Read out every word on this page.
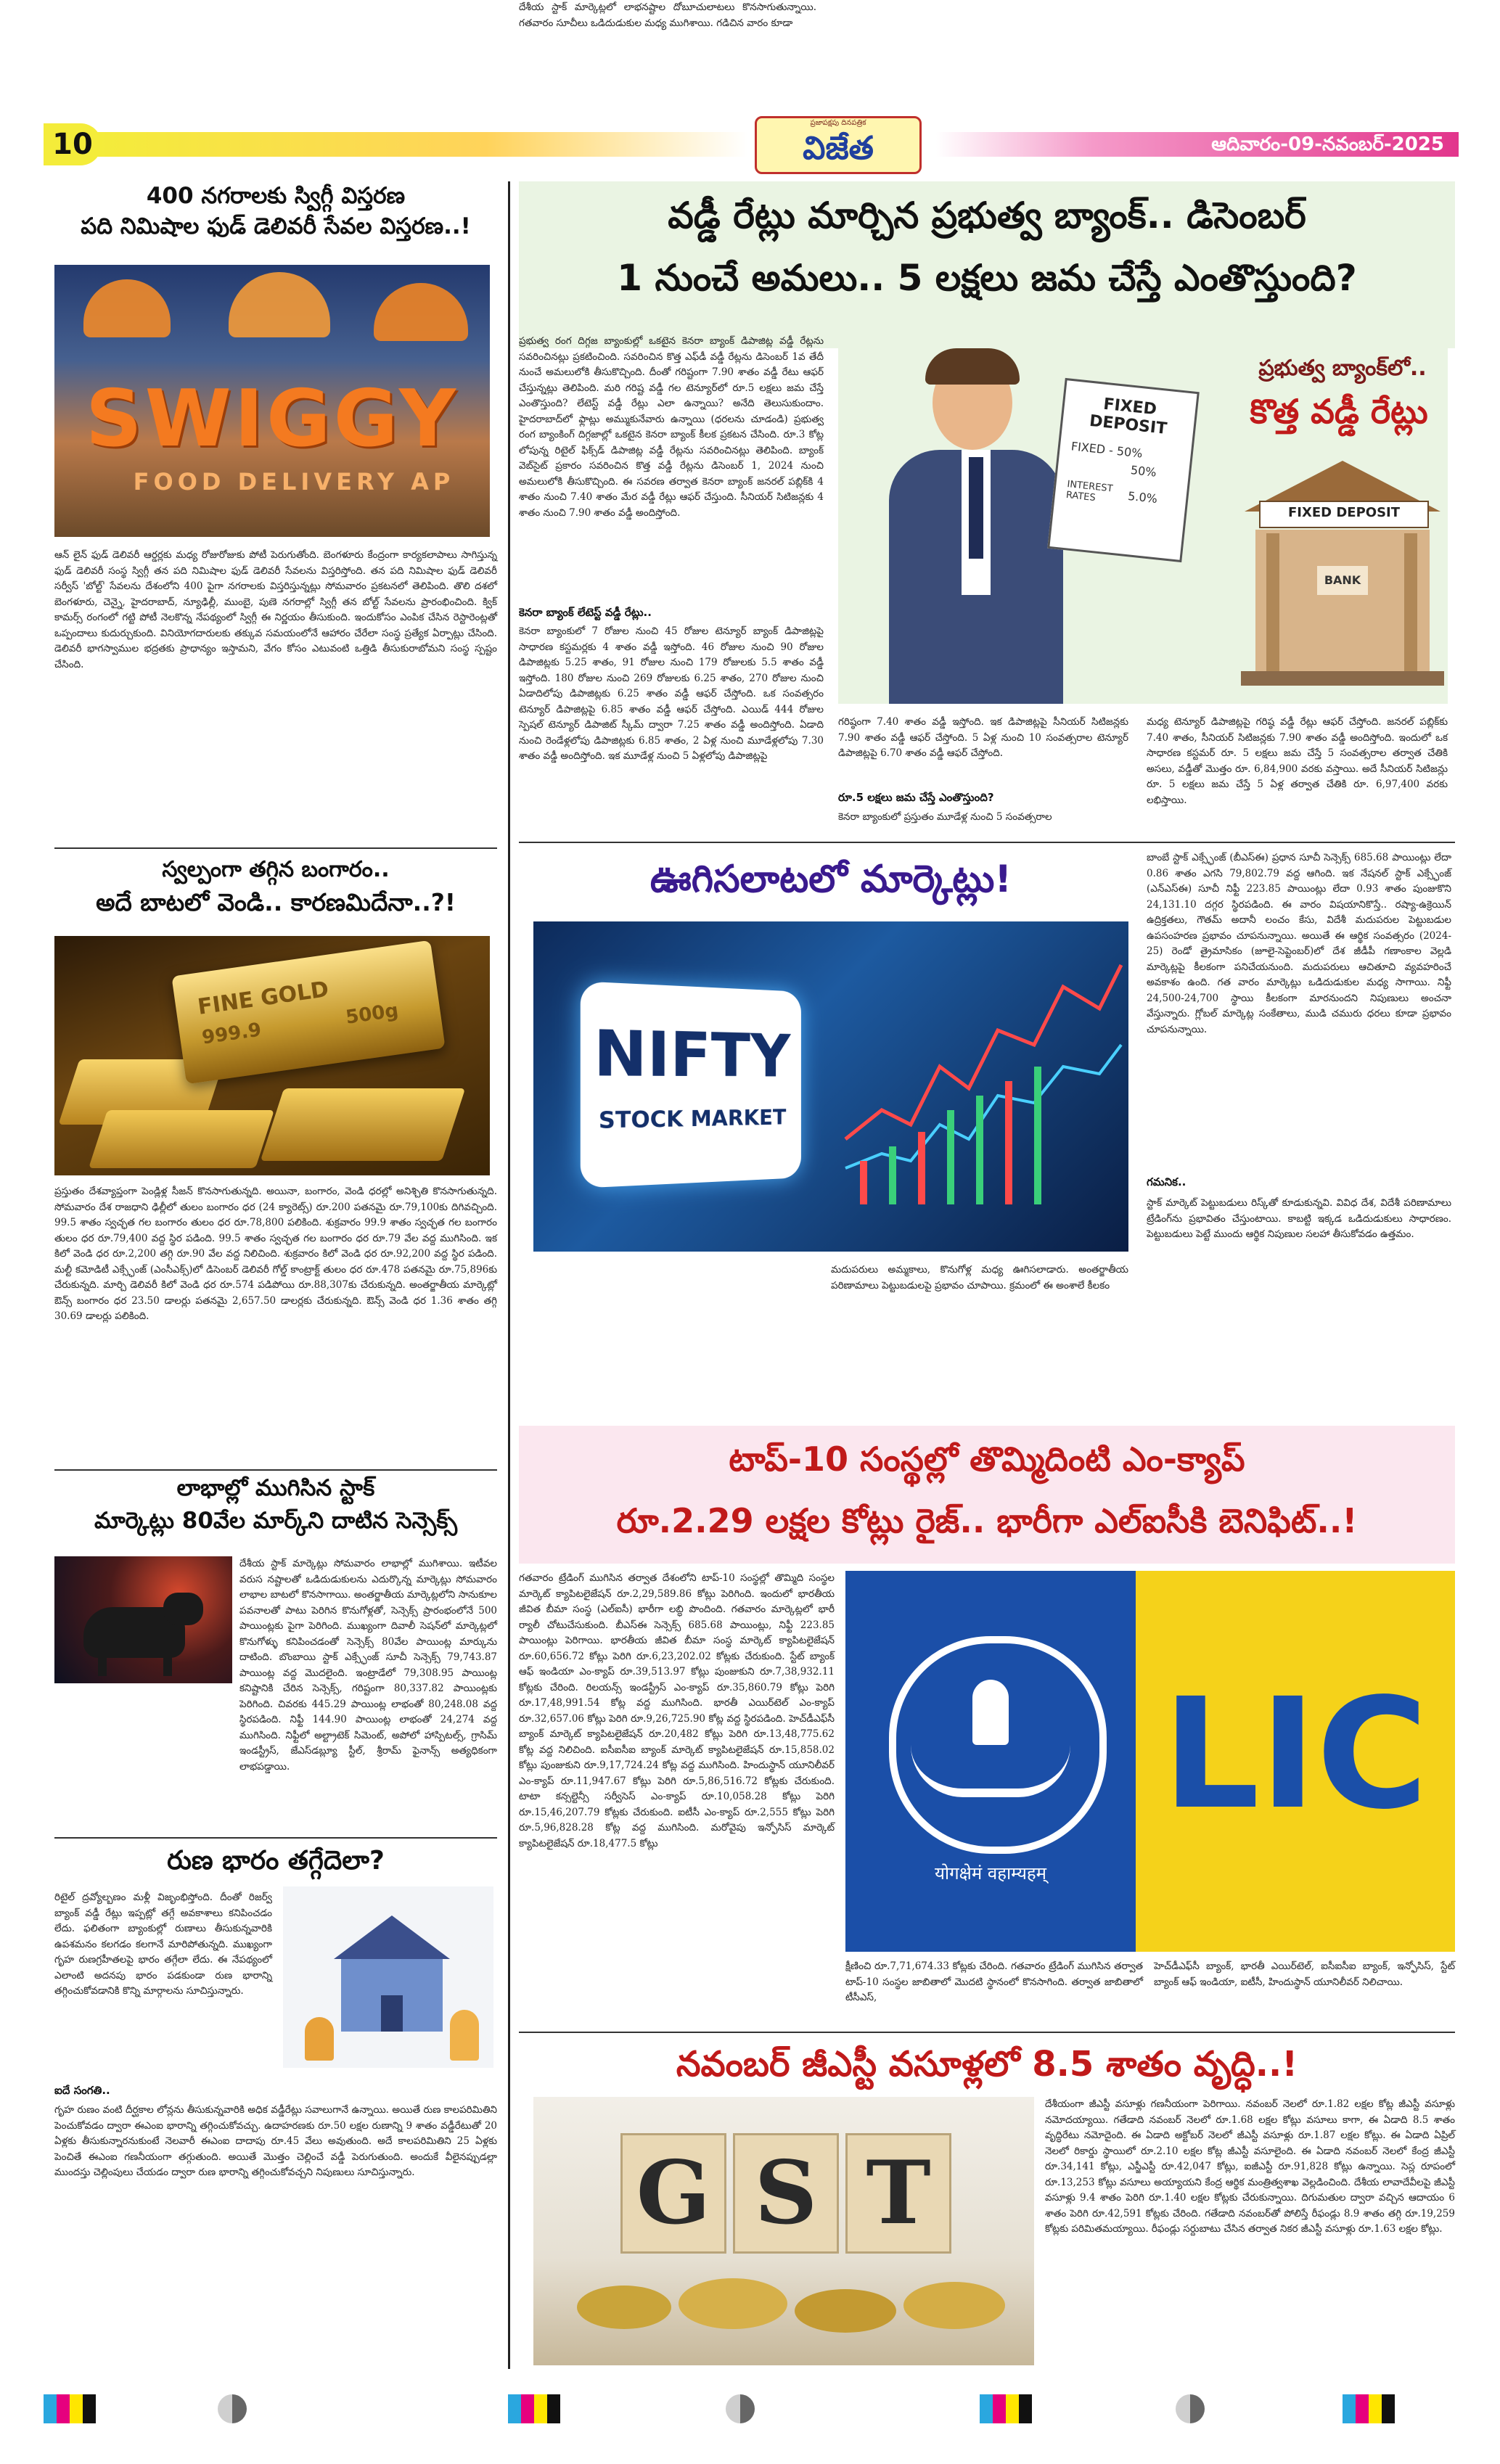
10
ప్రజాపక్షపు దినపత్రిక
విజేత	ఆదివారం-09-నవంబర్-2025
400 నగరాలకు స్విగ్గీ విస్తరణ
పది నిమిషాల ఫుడ్ డెలివరీ సేవల విస్తరణ..!
SWIGGY
FOOD DELIVERY AP
ఆన్ లైన్ ఫుడ్ డెలివరీ ఆర్డర్లకు మధ్య రోజురోజుకు పోటీ పెరుగుతోంది. బెంగళూరు కేంద్రంగా కార్యకలాపాలు సాగిస్తున్న ఫుడ్ డెలివరీ సంస్థ స్విగ్గీ తన పది నిమిషాల ఫుడ్ డెలివరీ సేవలను విస్తరిస్తోంది. తన పది నిమిషాల ఫుడ్ డెలివరీ సర్వీస్ 'బోల్ట్' సేవలను దేశంలోని 400 పైగా నగరాలకు విస్తరిస్తున్నట్లు సోమవారం ప్రకటనలో తెలిపింది. తొలి దశలో బెంగళూరు, చెన్నై, హైదరాబాద్, న్యూఢిల్లీ, ముంబై, పుణె నగరాల్లో స్విగ్గీ తన బోల్ట్ సేవలను ప్రారంభించింది. క్విక్ కామర్స్ రంగంలో గట్టి పోటీ నెలకొన్న నేపథ్యంలో స్విగ్గీ ఈ నిర్ణయం తీసుకుంది. ఇందుకోసం ఎంపిక చేసిన రెస్టారెంట్లతో ఒప్పందాలు కుదుర్చుకుంది. వినియోగదారులకు తక్కువ సమయంలోనే ఆహారం చేరేలా సంస్థ ప్రత్యేక ఏర్పాట్లు చేసింది. డెలివరీ భాగస్వాముల భద్రతకు ప్రాధాన్యం ఇస్తామని, వేగం కోసం ఎటువంటి ఒత్తిడి తీసుకురాబోమని సంస్థ స్పష్టం చేసింది.
స్వల్పంగా తగ్గిన బంగారం..
అదే బాటలో వెండి.. కారణమిదేనా..?!
FINE GOLD
999.9
500g
ప్రస్తుతం దేశవ్యాప్తంగా పెండ్లిళ్ల సీజన్ కొనసాగుతున్నది. అయినా, బంగారం, వెండి ధరల్లో అనిశ్చితి కొనసాగుతున్నది. సోమవారం దేశ రాజధాని ఢిల్లీలో తులం బంగారం ధర (24 క్యారెట్స్) రూ.200 పతనమై రూ.79,100కు దిగివచ్చింది. 99.5 శాతం స్వచ్ఛత గల బంగారం తులం ధర రూ.78,800 పలికింది. శుక్రవారం 99.9 శాతం స్వచ్ఛత గల బంగారం తులం ధర రూ.79,400 వద్ద స్థిర పడింది. 99.5 శాతం స్వచ్ఛత గల బంగారం ధర రూ.79 వేల వద్ద ముగిసింది. ఇక కిలో వెండి ధర రూ.2,200 తగ్గి రూ.90 వేల వద్ద నిలిచింది. శుక్రవారం కిలో వెండి ధర రూ.92,200 వద్ద స్థిర పడింది. మల్టీ కమోడిటీ ఎక్స్ఛేంజ్ (ఎంసీఎక్స్)లో డిసెంబర్ డెలివరీ గోల్డ్ కాంట్రాక్ట్ తులం ధర రూ.478 పతనమై రూ.75,896కు చేరుకున్నది. మార్చి డెలివరీ కిలో వెండి ధర రూ.574 పడిపోయి రూ.88,307కు చేరుకున్నది. అంతర్జాతీయ మార్కెట్లో ఔన్స్ బంగారం ధర 23.50 డాలర్లు పతనమై 2,657.50 డాలర్లకు చేరుకున్నది. ఔన్స్ వెండి ధర 1.36 శాతం తగ్గి 30.69 డాలర్లు పలికింది.
లాభాల్లో ముగిసిన స్టాక్
మార్కెట్లు 80వేల మార్క్‌ని దాటిన సెన్సెక్స్
దేశీయ స్టాక్ మార్కెట్లు సోమవారం లాభాల్లో ముగిశాయి. ఇటీవల వరుస నష్టాలతో ఒడిదుడుకులను ఎదుర్కొన్న మార్కెట్లు సోమవారం లాభాల బాటలో కొనసాగాయి. అంతర్జాతీయ మార్కెట్లలోని సానుకూల పవనాలతో పాటు పెరిగిన కొనుగోళ్లతో, సెన్సెక్స్ ప్రారంభంలోనే 500 పాయింట్లకు పైగా పెరిగింది. ముఖ్యంగా దివాలీ సెషన్‌లో మార్కెట్లలో కొనుగోళ్ళు కనిపించడంతో సెన్సెక్స్ 80వేల పాయింట్ల మార్కును దాటింది. బొంబాయి స్టాక్ ఎక్స్ఛేంజ్ సూచీ సెన్సెక్స్ 79,743.87 పాయింట్ల వద్ద మొదలైంది. ఇంట్రాడేలో 79,308.95 పాయింట్ల కనిష్టానికి చేరిన సెన్సెక్స్, గరిష్టంగా 80,337.82 పాయింట్లకు పెరిగింది. చివరకు 445.29 పాయింట్ల లాభంతో 80,248.08 వద్ద స్థిరపడింది. నిఫ్టీ 144.90 పాయింట్ల లాభంతో 24,274 వద్ద ముగిసింది. నిఫ్టీలో అల్ట్రాటెక్ సిమెంట్, అపోలో హాస్పిటల్స్, గ్రాసిమ్ ఇండస్ట్రీస్, జేఎస్‌డబ్ల్యూ స్టీల్, శ్రీరామ్ ఫైనాన్స్ అత్యధికంగా లాభపడ్డాయి.
రుణ భారం తగ్గేదెలా?
రిటైల్ ద్రవ్యోల్బణం మళ్లీ విజృంభిస్తోంది. దీంతో రిజర్వ్ బ్యాంక్ వడ్డీ రేట్లు ఇప్పట్లో తగ్గే అవకాశాలు కనిపించడం లేదు. ఫలితంగా బ్యాంకుల్లో రుణాలు తీసుకున్నవారికి ఉపశమనం కలగడం కలగానే మారిపోతున్నది. ముఖ్యంగా గృహ రుణగ్రహీతలపై భారం తగ్గేలా లేదు. ఈ నేపథ్యంలో ఎలాంటి అదనపు భారం పడకుండా రుణ భారాన్ని తగ్గించుకోవడానికి కొన్ని మార్గాలను సూచిస్తున్నారు.
ఐదే సంగతి..
గృహ రుణం వంటి దీర్ఘకాల లోన్లను తీసుకున్నవారికి అధిక వడ్డీరేట్లు సవాలుగానే ఉన్నాయి. అయితే రుణ కాలపరిమితిని పెంచుకోవడం ద్వారా ఈఎంఐ భారాన్ని తగ్గించుకోవచ్చు. ఉదాహరణకు రూ.50 లక్షల రుణాన్ని 9 శాతం వడ్డీరేటుతో 20 ఏళ్లకు తీసుకున్నారనుకుంటే నెలవారీ ఈఎంఐ దాదాపు రూ.45 వేలు అవుతుంది. అదే కాలపరిమితిని 25 ఏళ్లకు పెంచితే ఈఎంఐ గణనీయంగా తగ్గుతుంది. అయితే మొత్తం చెల్లించే వడ్డీ పెరుగుతుంది. అందుకే వీలైనప్పుడల్లా ముందస్తు చెల్లింపులు చేయడం ద్వారా రుణ భారాన్ని తగ్గించుకోవచ్చని నిపుణులు సూచిస్తున్నారు.
వడ్డీ రేట్లు మార్చిన ప్రభుత్వ బ్యాంక్.. డిసెంబర్
1 నుంచే అమలు.. 5 లక్షలు జమ చేస్తే ఎంతొస్తుంది?
ప్రభుత్వ రంగ దిగ్గజ బ్యాంకుల్లో ఒకటైన కెనరా బ్యాంక్ డిపాజిట్ల వడ్డీ రేట్లను సవరించినట్లు ప్రకటించింది. సవరించిన కొత్త ఎఫ్‌డీ వడ్డీ రేట్లను డిసెంబర్ 1వ తేదీ నుంచే అమలులోకి తీసుకొచ్చింది. దీంతో గరిష్టంగా 7.90 శాతం వడ్డీ రేటు ఆఫర్ చేస్తున్నట్లు తెలిపింది. మరి గరిష్ట వడ్డీ గల టెన్యూర్‌లో రూ.5 లక్షలు జమ చేస్తే ఎంతొస్తుంది? లేటెస్ట్ వడ్డీ రేట్లు ఎలా ఉన్నాయి? అనేది తెలుసుకుందాం. హైదరాబాద్‌లో ఫ్లాట్లు అమ్ముకునేవారు ఉన్నాయి (ధరలను చూడండి) ప్రభుత్వ రంగ బ్యాంకింగ్ దిగ్గజాల్లో ఒకటైన కెనరా బ్యాంక్ కీలక ప్రకటన చేసింది. రూ.3 కోట్ల లోపున్న రిటైల్ ఫిక్స్‌డ్ డిపాజిట్ల వడ్డీ రేట్లను సవరించినట్లు తెలిపింది. బ్యాంక్ వెబ్‌సైట్ ప్రకారం సవరించిన కొత్త వడ్డీ రేట్లను డిసెంబర్ 1, 2024 నుంచి అమలులోకి తీసుకొచ్చింది. ఈ సవరణ తర్వాత కెనరా బ్యాంక్ జనరల్ పబ్లిక్‌కి 4 శాతం నుంచి 7.40 శాతం మేర వడ్డీ రేట్లు ఆఫర్ చేస్తుంది. సీనియర్ సిటిజన్లకు 4 శాతం నుంచి 7.90 శాతం వడ్డీ అందిస్తోంది.
కెనరా బ్యాంక్ లేటెస్ట్ వడ్డీ రేట్లు..
కెనరా బ్యాంకులో 7 రోజుల నుంచి 45 రోజుల టెన్యూర్ బ్యాంక్ డిపాజిట్లపై సాధారణ కస్టమర్లకు 4 శాతం వడ్డీ ఇస్తోంది. 46 రోజుల నుంచి 90 రోజుల డిపాజిట్లకు 5.25 శాతం, 91 రోజుల నుంచి 179 రోజులకు 5.5 శాతం వడ్డీ ఇస్తోంది. 180 రోజుల నుంచి 269 రోజులకు 6.25 శాతం, 270 రోజుల నుంచి ఏడాదిలోపు డిపాజిట్లకు 6.25 శాతం వడ్డీ ఆఫర్ చేస్తోంది. ఒక సంవత్సరం టెన్యూర్ డిపాజిట్లపై 6.85 శాతం వడ్డీ ఆఫర్ చేస్తోంది. ఎయిడ్ 444 రోజుల స్పెషల్ టెన్యూర్ డిపాజిట్ స్కీమ్ ద్వారా 7.25 శాతం వడ్డీ అందిస్తోంది. ఏడాది నుంచి రెండేళ్లలోపు డిపాజిట్లకు 6.85 శాతం, 2 ఏళ్ల నుంచి మూడేళ్లలోపు 7.30 శాతం వడ్డీ అందిస్తోంది. ఇక మూడేళ్ల నుంచి 5 ఏళ్లలోపు డిపాజిట్లపై
FIXED DEPOSIT
FIXED - 50%
50%
INTEREST RATES	5.0%
ప్రభుత్వ బ్యాంక్‌లో..
కొత్త వడ్డీ రేట్లు
FIXED DEPOSIT
BANK
గరిష్ఠంగా 7.40 శాతం వడ్డీ ఇస్తోంది. ఇక డిపాజిట్లపై సీనియర్ సిటిజన్లకు 7.90 శాతం వడ్డీ ఆఫర్ చేస్తోంది. 5 ఏళ్ల నుంచి 10 సంవత్సరాల టెన్యూర్ డిపాజిట్లపై 6.70 శాతం వడ్డీ ఆఫర్ చేస్తోంది.
రూ.5 లక్షలు జమ చేస్తే ఎంతొస్తుంది?
కెనరా బ్యాంకులో ప్రస్తుతం మూడేళ్ల నుంచి 5 సంవత్సరాల
మధ్య టెన్యూర్ డిపాజిట్లపై గరిష్ఠ వడ్డీ రేట్లు ఆఫర్ చేస్తోంది. జనరల్ పబ్లిక్‌కు 7.40 శాతం, సీనియర్ సిటిజన్లకు 7.90 శాతం వడ్డీ అందిస్తోంది. ఇందులో ఒక సాధారణ కస్టమర్ రూ. 5 లక్షలు జమ చేస్తే 5 సంవత్సరాల తర్వాత చేతికి అసలు, వడ్డీతో మొత్తం రూ. 6,84,900 వరకు వస్తాయి. అదే సీనియర్ సిటిజన్లు రూ. 5 లక్షలు జమ చేస్తే 5 ఏళ్ల తర్వాత చేతికి రూ. 6,97,400 వరకు లభిస్తాయి.
ఊగిసలాటలో మార్కెట్లు!
NIFTY
STOCK MARKET
బాంబే స్టాక్ ఎక్స్ఛేంజ్ (బీఎస్ఈ) ప్రధాన సూచీ సెన్సెక్స్ 685.68 పాయింట్లు లేదా 0.86 శాతం ఎగసి 79,802.79 వద్ద ఆగింది. ఇక నేషనల్ స్టాక్ ఎక్స్ఛేంజ్ (ఎన్ఎస్ఈ) సూచీ నిఫ్టీ 223.85 పాయింట్లు లేదా 0.93 శాతం పుంజుకొని 24,131.10 దగ్గర స్థిరపడింది. ఈ వారం విషయానికొస్తే.. రష్యా-ఉక్రెయిన్ ఉద్రిక్తతలు, గౌతమ్ అదానీ లంచం కేసు, విదేశీ మదుపరుల పెట్టుబడుల ఉపసంహరణ ప్రభావం చూపనున్నాయి. అయితే ఈ ఆర్థిక సంవత్సరం (2024-25) రెండో త్రైమాసికం (జూలై-సెప్టెంబర్)లో దేశ జీడీపీ గణాంకాల వెల్లడి మార్కెట్లపై కీలకంగా పనిచేయనుంది. మదుపరులు ఆచితూచి వ్యవహరించే అవకాశం ఉంది. గత వారం మార్కెట్లు ఒడిదుడుకుల మధ్య సాగాయి. నిఫ్టీ 24,500-24,700 స్థాయి కీలకంగా మారనుందని నిపుణులు అంచనా వేస్తున్నారు. గ్లోబల్ మార్కెట్ల సంకేతాలు, ముడి చమురు ధరలు కూడా ప్రభావం చూపనున్నాయి.
గమనిక..
స్టాక్ మార్కెట్ పెట్టుబడులు రిస్క్‌తో కూడుకున్నవి. వివిధ దేశ, విదేశీ పరిణామాలు ట్రేడింగ్‌ను ప్రభావితం చేస్తుంటాయి. కాబట్టి ఇక్కడ ఒడిదుడుకులు సాధారణం. పెట్టుబడులు పెట్టే ముందు ఆర్థిక నిపుణుల సలహా తీసుకోవడం ఉత్తమం.
దేశీయ స్టాక్ మార్కెట్లలో లాభనష్టాల దోబూచులాటలు కొనసాగుతున్నాయి. గతవారం సూచీలు ఒడిదుడుకుల మధ్య ముగిశాయి. గడిచిన వారం కూడా
మదుపరులు అమ్మకాలు, కొనుగోళ్ల మధ్య ఊగిసలాడారు. అంతర్జాతీయ పరిణామాలు పెట్టుబడులపై ప్రభావం చూపాయి. క్రమంలో ఈ అంశాలే కీలకం
టాప్-10 సంస్థల్లో తొమ్మిదింటి ఎం-క్యాప్
రూ.2.29 లక్షల కోట్లు రైజ్.. భారీగా ఎల్ఐసీకి బెనిఫిట్..!
గతవారం ట్రేడింగ్ ముగిసిన తర్వాత దేశంలోని టాప్-10 సంస్థల్లో తొమ్మిది సంస్థల మార్కెట్ క్యాపిటలైజేషన్ రూ.2,29,589.86 కోట్లు పెరిగింది. ఇందులో భారతీయ జీవిత బీమా సంస్థ (ఎల్ఐసీ) భారీగా లబ్ధి పొందింది. గతవారం మార్కెట్లలో భారీ ర్యాలీ చోటుచేసుకుంది. బీఎస్ఈ సెన్సెక్స్ 685.68 పాయింట్లు, నిఫ్టీ 223.85 పాయింట్లు పెరిగాయి. భారతీయ జీవిత బీమా సంస్థ మార్కెట్ క్యాపిటలైజేషన్ రూ.60,656.72 కోట్లు పెరిగి రూ.6,23,202.02 కోట్లకు చేరుకుంది. స్టేట్ బ్యాంక్ ఆఫ్ ఇండియా ఎం-క్యాప్ రూ.39,513.97 కోట్లు పుంజుకుని రూ.7,38,932.11 కోట్లకు చేరింది. రిలయన్స్ ఇండస్ట్రీస్ ఎం-క్యాప్ రూ.35,860.79 కోట్లు పెరిగి రూ.17,48,991.54 కోట్ల వద్ద ముగిసింది. భారతీ ఎయిర్‌టెల్ ఎం-క్యాప్ రూ.32,657.06 కోట్లు పెరిగి రూ.9,26,725.90 కోట్ల వద్ద స్థిరపడింది. హెచ్‌డీఎఫ్‌సీ బ్యాంక్ మార్కెట్ క్యాపిటలైజేషన్ రూ.20,482 కోట్లు పెరిగి రూ.13,48,775.62 కోట్ల వద్ద నిలిచింది. ఐసీఐసీఐ బ్యాంక్ మార్కెట్ క్యాపిటలైజేషన్ రూ.15,858.02 కోట్లు పుంజుకుని రూ.9,17,724.24 కోట్ల వద్ద ముగిసింది. హిందుస్థాన్ యూనిలీవర్ ఎం-క్యాప్ రూ.11,947.67 కోట్లు పెరిగి రూ.5,86,516.72 కోట్లకు చేరుకుంది. టాటా కన్సల్టెన్సీ సర్వీసెస్ ఎం-క్యాప్ రూ.10,058.28 కోట్లు పెరిగి రూ.15,46,207.79 కోట్లకు చేరుకుంది. ఐటీసీ ఎం-క్యాప్ రూ.2,555 కోట్లు పెరిగి రూ.5,96,828.28 కోట్ల వద్ద ముగిసింది. మరోవైపు ఇన్ఫోసిస్ మార్కెట్ క్యాపిటలైజేషన్ రూ.18,477.5 కోట్లు
योगक्षेमं वहाम्यहम्
LIC
క్షీణించి రూ.7,71,674.33 కోట్లకు చేరింది. గతవారం ట్రేడింగ్ ముగిసిన తర్వాత టాప్-10 సంస్థల జాబితాలో మొదటి స్థానంలో కొనసాగింది. తర్వాత జాబితాలో టీసీఎస్,
హెచ్‌డీఎఫ్‌సీ బ్యాంక్, భారతీ ఎయిర్‌టెల్, ఐసీఐసీఐ బ్యాంక్, ఇన్ఫోసిస్, స్టేట్ బ్యాంక్ ఆఫ్ ఇండియా, ఐటీసీ, హిందుస్థాన్ యూనిలీవర్ నిలిచాయి.
నవంబర్ జీఎస్టీ వసూళ్లలో 8.5 శాతం వృద్ధి..!
G S T
దేశీయంగా జీఎస్టీ వసూళ్లు గణనీయంగా పెరిగాయి. నవంబర్ నెలలో రూ.1.82 లక్షల కోట్ల జీఎస్టీ వసూళ్లు నమోదయ్యాయి. గతేడాది నవంబర్ నెలలో రూ.1.68 లక్షల కోట్లు వసూలు కాగా, ఈ ఏడాది 8.5 శాతం వృద్ధిరేటు నమోదైంది. ఈ ఏడాది అక్టోబర్ నెలలో జీఎస్టీ వసూళ్లు రూ.1.87 లక్షల కోట్లు. ఈ ఏడాది ఏప్రిల్ నెలలో రికార్డు స్థాయిలో రూ.2.10 లక్షల కోట్ల జీఎస్టీ వసూలైంది. ఈ ఏడాది నవంబర్ నెలలో కేంద్ర జీఎస్టీ రూ.34,141 కోట్లు, ఎస్జీఎస్టీ రూ.42,047 కోట్లు, ఐజీఎస్టీ రూ.91,828 కోట్లు ఉన్నాయి. సెస్ల రూపంలో రూ.13,253 కోట్లు వసూలు అయ్యాయని కేంద్ర ఆర్థిక మంత్రిత్వశాఖ వెల్లడించింది. దేశీయ లావాదేవీలపై జీఎస్టీ వసూళ్లు 9.4 శాతం పెరిగి రూ.1.40 లక్షల కోట్లకు చేరుకున్నాయి. దిగుమతుల ద్వారా వచ్చిన ఆదాయం 6 శాతం పెరిగి రూ.42,591 కోట్లకు చేరింది. గతేడాది నవంబర్‌తో పోలిస్తే రీఫండ్లు 8.9 శాతం తగ్గి రూ.19,259 కోట్లకు పరిమితమయ్యాయి. రీఫండ్లు సర్దుబాటు చేసిన తర్వాత నికర జీఎస్టీ వసూళ్లు రూ.1.63 లక్షల కోట్లు.
